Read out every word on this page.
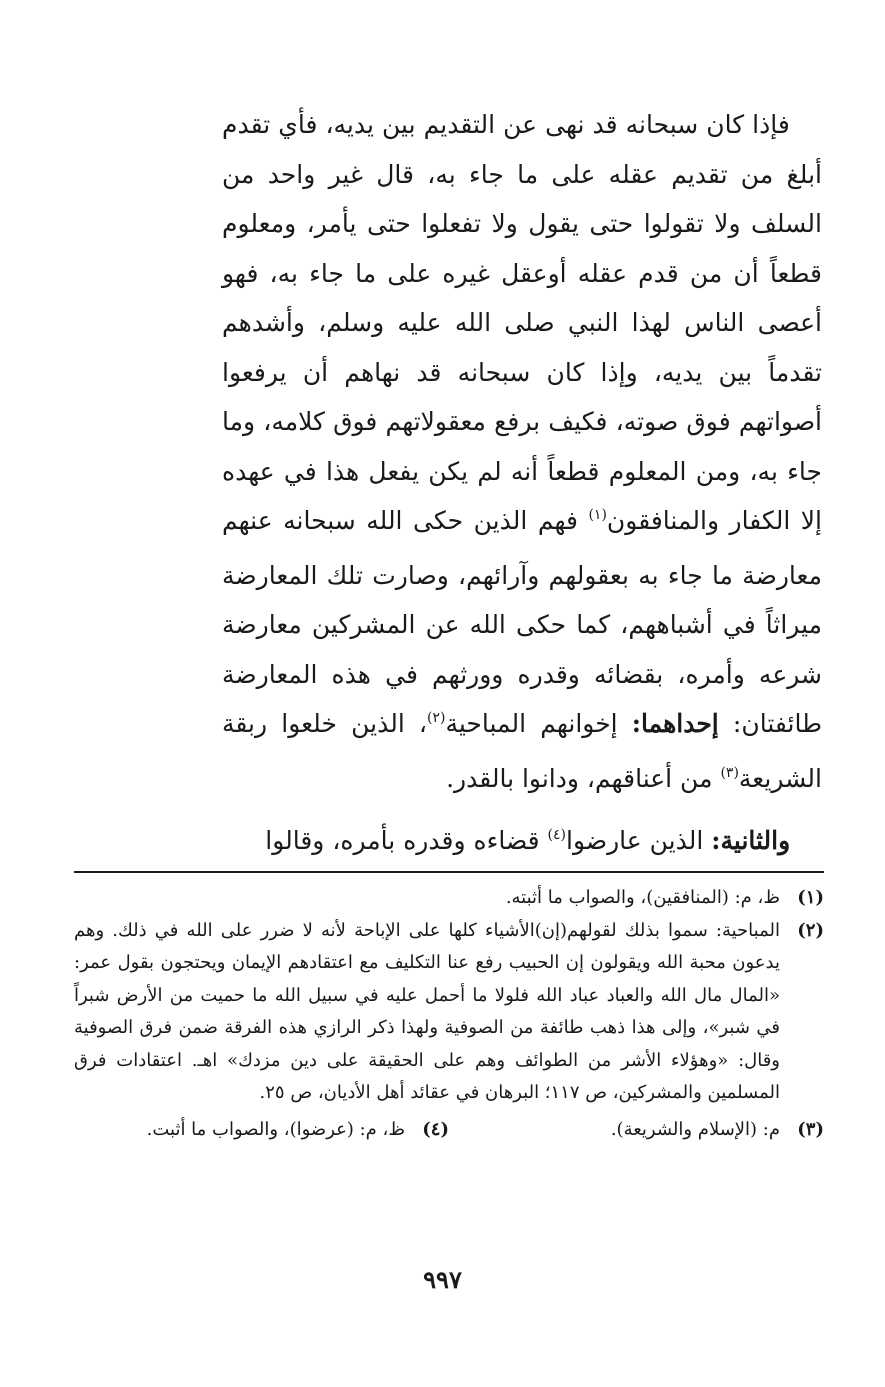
فإذا كان سبحانه قد نهى عن التقديم بين يديه، فأي تقدم أبلغ من تقديم عقله على ما جاء به، قال غير واحد من السلف ولا تقولوا حتى يقول ولا تفعلوا حتى يأمر، ومعلوم قطعاً أن من قدم عقله أوعقل غيره على ما جاء به، فهو أعصى الناس لهذا النبي صلى الله عليه وسلم، وأشدهم تقدماً بين يديه، وإذا كان سبحانه قد نهاهم أن يرفعوا أصواتهم فوق صوته، فكيف برفع معقولاتهم فوق كلامه، وما جاء به، ومن المعلوم قطعاً أنه لم يكن يفعل هذا في عهده إلا الكفار والمنافقون$^{(١)}$ فهم الذين حكى الله سبحانه عنهم معارضة ما جاء به بعقولهم وآرائهم، وصارت تلك المعارضة ميراثاً في أشباههم، كما حكى الله عن المشركين معارضة شرعه وأمره، بقضائه وقدره وورثهم في هذه المعارضة طائفتان: إحداهما: إخوانهم المباحية$^{(٢)}$، الذين خلعوا ربقة الشريعة$^{(٣)}$ من أعناقهم، ودانوا بالقدر.

والثانية: الذين عارضوا$^{(٤)}$ قضاءه وقدره بأمره، وقالوا

(١)
ظ، م: (المنافقين)، والصواب ما أثبته.
(٢)
المباحية: سموا بذلك لقولهم(إن)الأشياء كلها على الإباحة لأنه لا ضرر على الله في ذلك. وهم يدعون محبة الله ويقولون إن الحبيب رفع عنا التكليف مع اعتقادهم الإيمان ويحتجون بقول عمر: «المال مال الله والعباد عباد الله فلولا ما أحمل عليه في سبيل الله ما حميت من الأرض شبراً في شبر»، وإلى هذا ذهب طائفة من الصوفية ولهذا ذكر الرازي هذه الفرقة ضمن فرق الصوفية وقال: «وهؤلاء الأشر من الطوائف وهم على الحقيقة على دين مزدك» اهـ. اعتقادات فرق المسلمين والمشركين، ص ١١٧؛ البرهان في عقائد أهل الأديان، ص ٢٥.
(٣)
م: (الإسلام والشريعة).
(٤)
ظ، م: (عرضوا)، والصواب ما أثبت.
٩٩٧
